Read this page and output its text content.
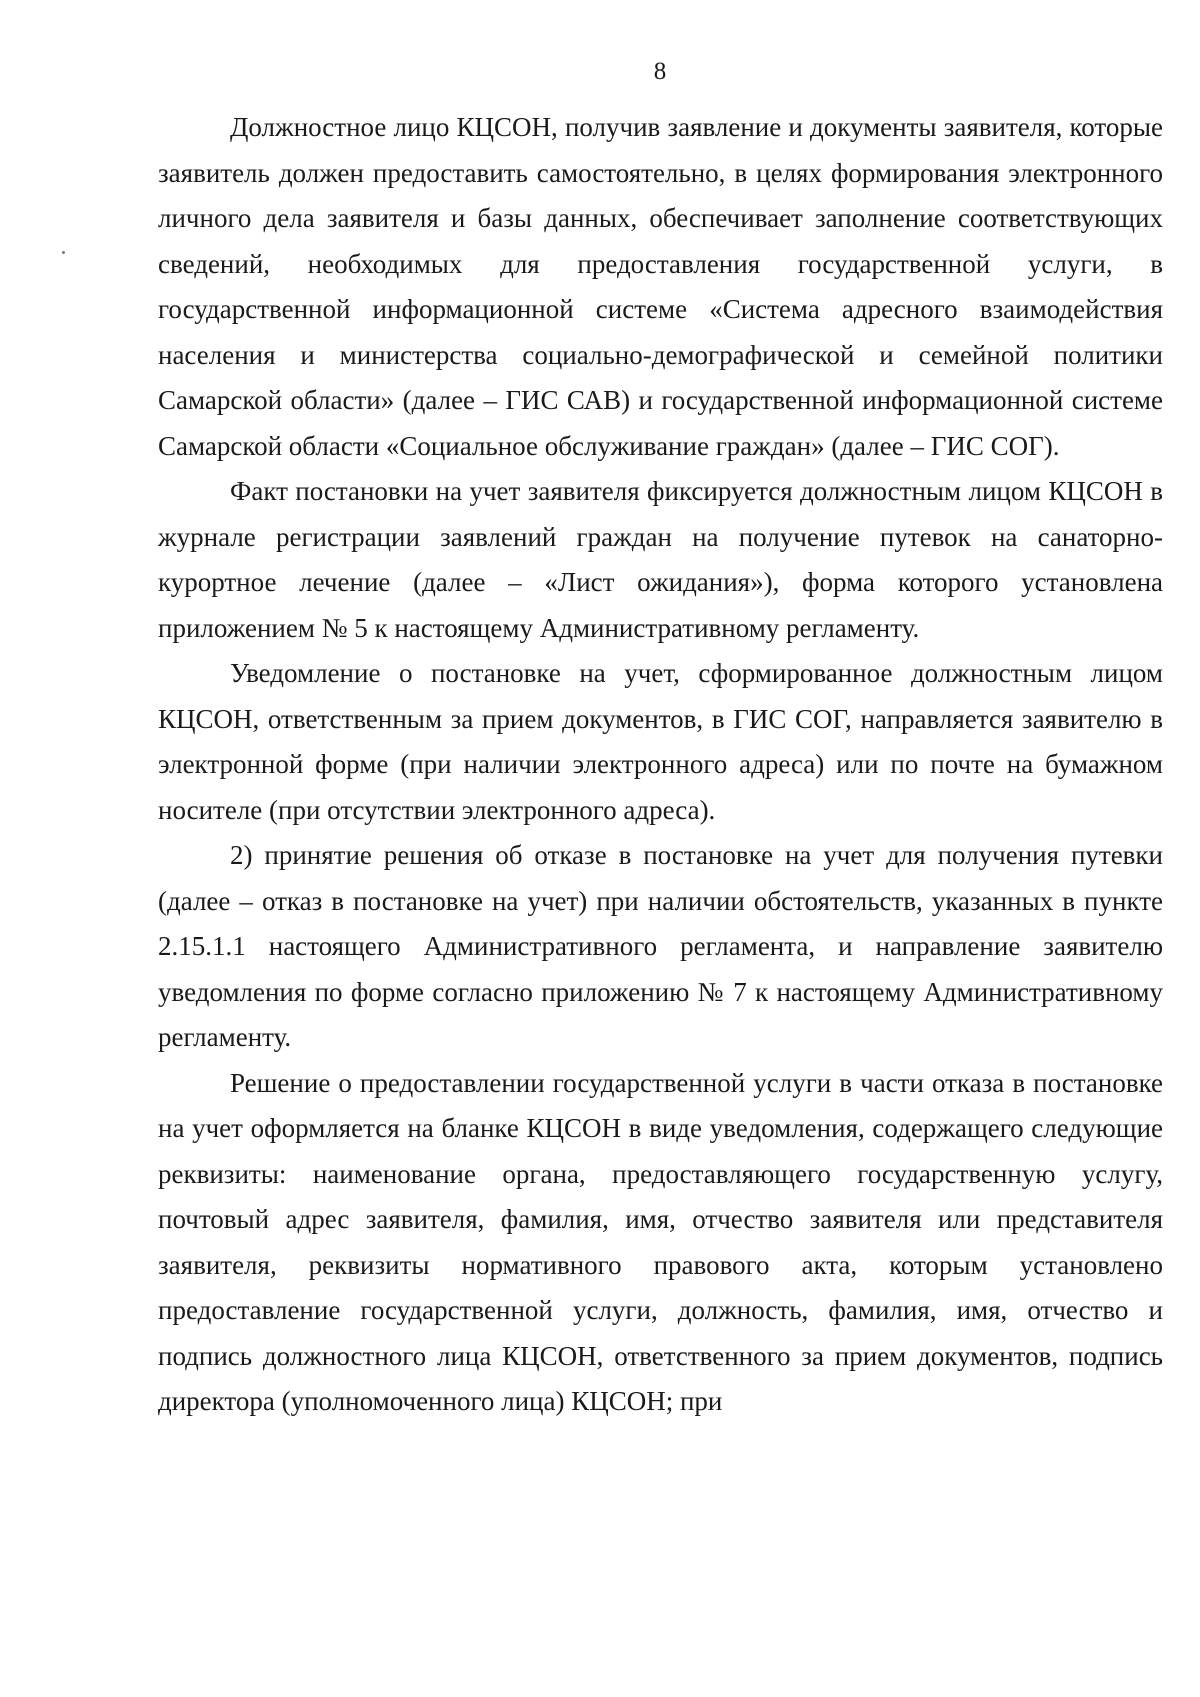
8

Должностное лицо КЦСОН, получив заявление и документы заявителя, которые заявитель должен предоставить самостоятельно, в целях формирования электронного личного дела заявителя и базы данных, обеспечивает заполнение соответствующих сведений, необходимых для предоставления государственной услуги, в государственной информационной системе «Система адресного взаимодействия населения и министерства социально-демографической и семейной политики Самарской области» (далее – ГИС САВ) и государственной информационной системе Самарской области «Социальное обслуживание граждан» (далее – ГИС СОГ).

Факт постановки на учет заявителя фиксируется должностным лицом КЦСОН в журнале регистрации заявлений граждан на получение путевок на санаторно-курортное лечение (далее – «Лист ожидания»), форма которого установлена приложением № 5 к настоящему Административному регламенту.

Уведомление о постановке на учет, сформированное должностным лицом КЦСОН, ответственным за прием документов, в ГИС СОГ, направляется заявителю в электронной форме (при наличии электронного адреса) или по почте на бумажном носителе (при отсутствии электронного адреса).

2) принятие решения об отказе в постановке на учет для получения путевки (далее – отказ в постановке на учет) при наличии обстоятельств, указанных в пункте 2.15.1.1 настоящего Административного регламента, и направление заявителю уведомления по форме согласно приложению № 7 к настоящему Административному регламенту.

Решение о предоставлении государственной услуги в части отказа в постановке на учет оформляется на бланке КЦСОН в виде уведомления, содержащего следующие реквизиты: наименование органа, предоставляющего государственную услугу, почтовый адрес заявителя, фамилия, имя, отчество заявителя или представителя заявителя, реквизиты нормативного правового акта, которым установлено предоставление государственной услуги, должность, фамилия, имя, отчество и подпись должностного лица КЦСОН, ответственного за прием документов, подпись директора (уполномоченного лица) КЦСОН; при
